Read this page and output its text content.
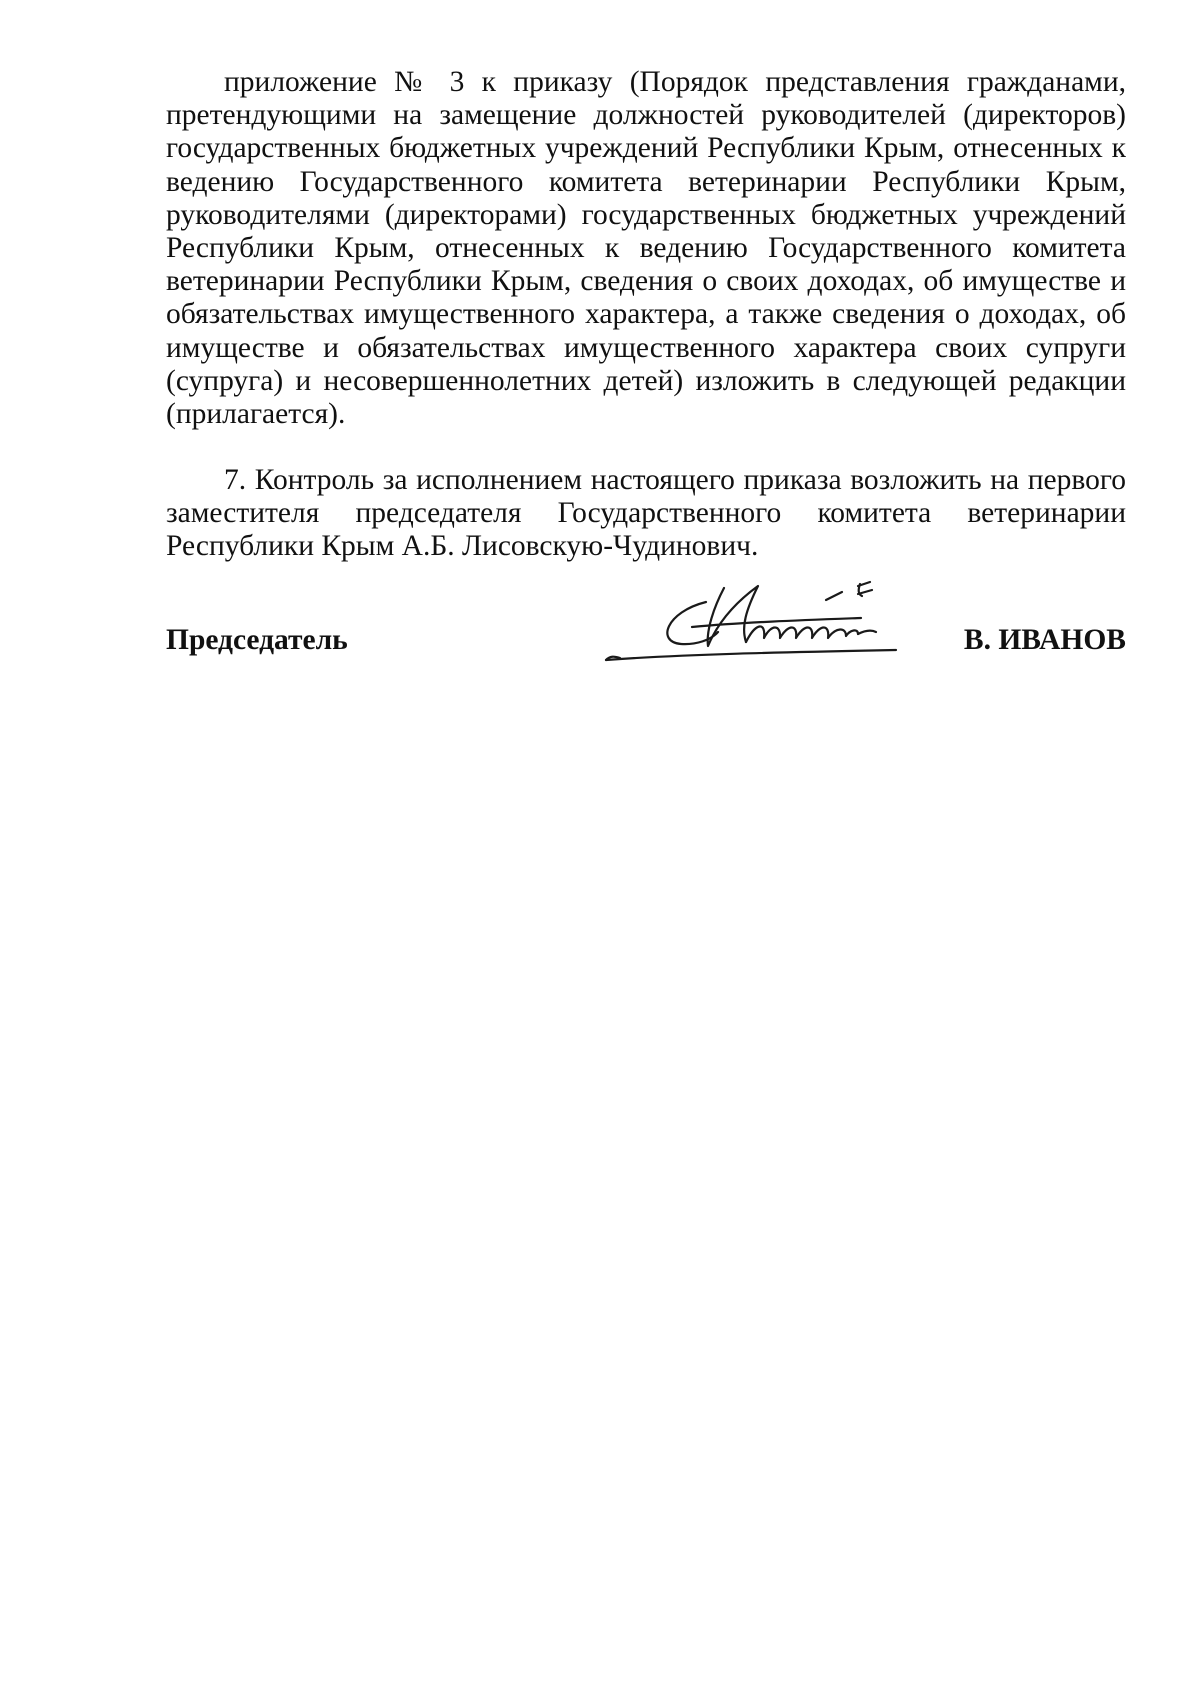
приложение № 3 к приказу (Порядок представления гражданами, претендующими на замещение должностей руководителей (директоров) государственных бюджетных учреждений Республики Крым, отнесенных к ведению Государственного комитета ветеринарии Республики Крым, руководителями (директорами) государственных бюджетных учреждений Республики Крым, отнесенных к ведению Государственного комитета ветеринарии Республики Крым, сведения о своих доходах, об имуществе и обязательствах имущественного характера, а также сведения о доходах, об имуществе и обязательствах имущественного характера своих супруги (супруга) и несовершеннолетних детей) изложить в следующей редакции (прилагается).

7. Контроль за исполнением настоящего приказа возложить на первого заместителя председателя Государственного комитета ветеринарии Республики Крым А.Б. Лисовскую-Чудинович.

Председатель	В. ИВАНОВ
